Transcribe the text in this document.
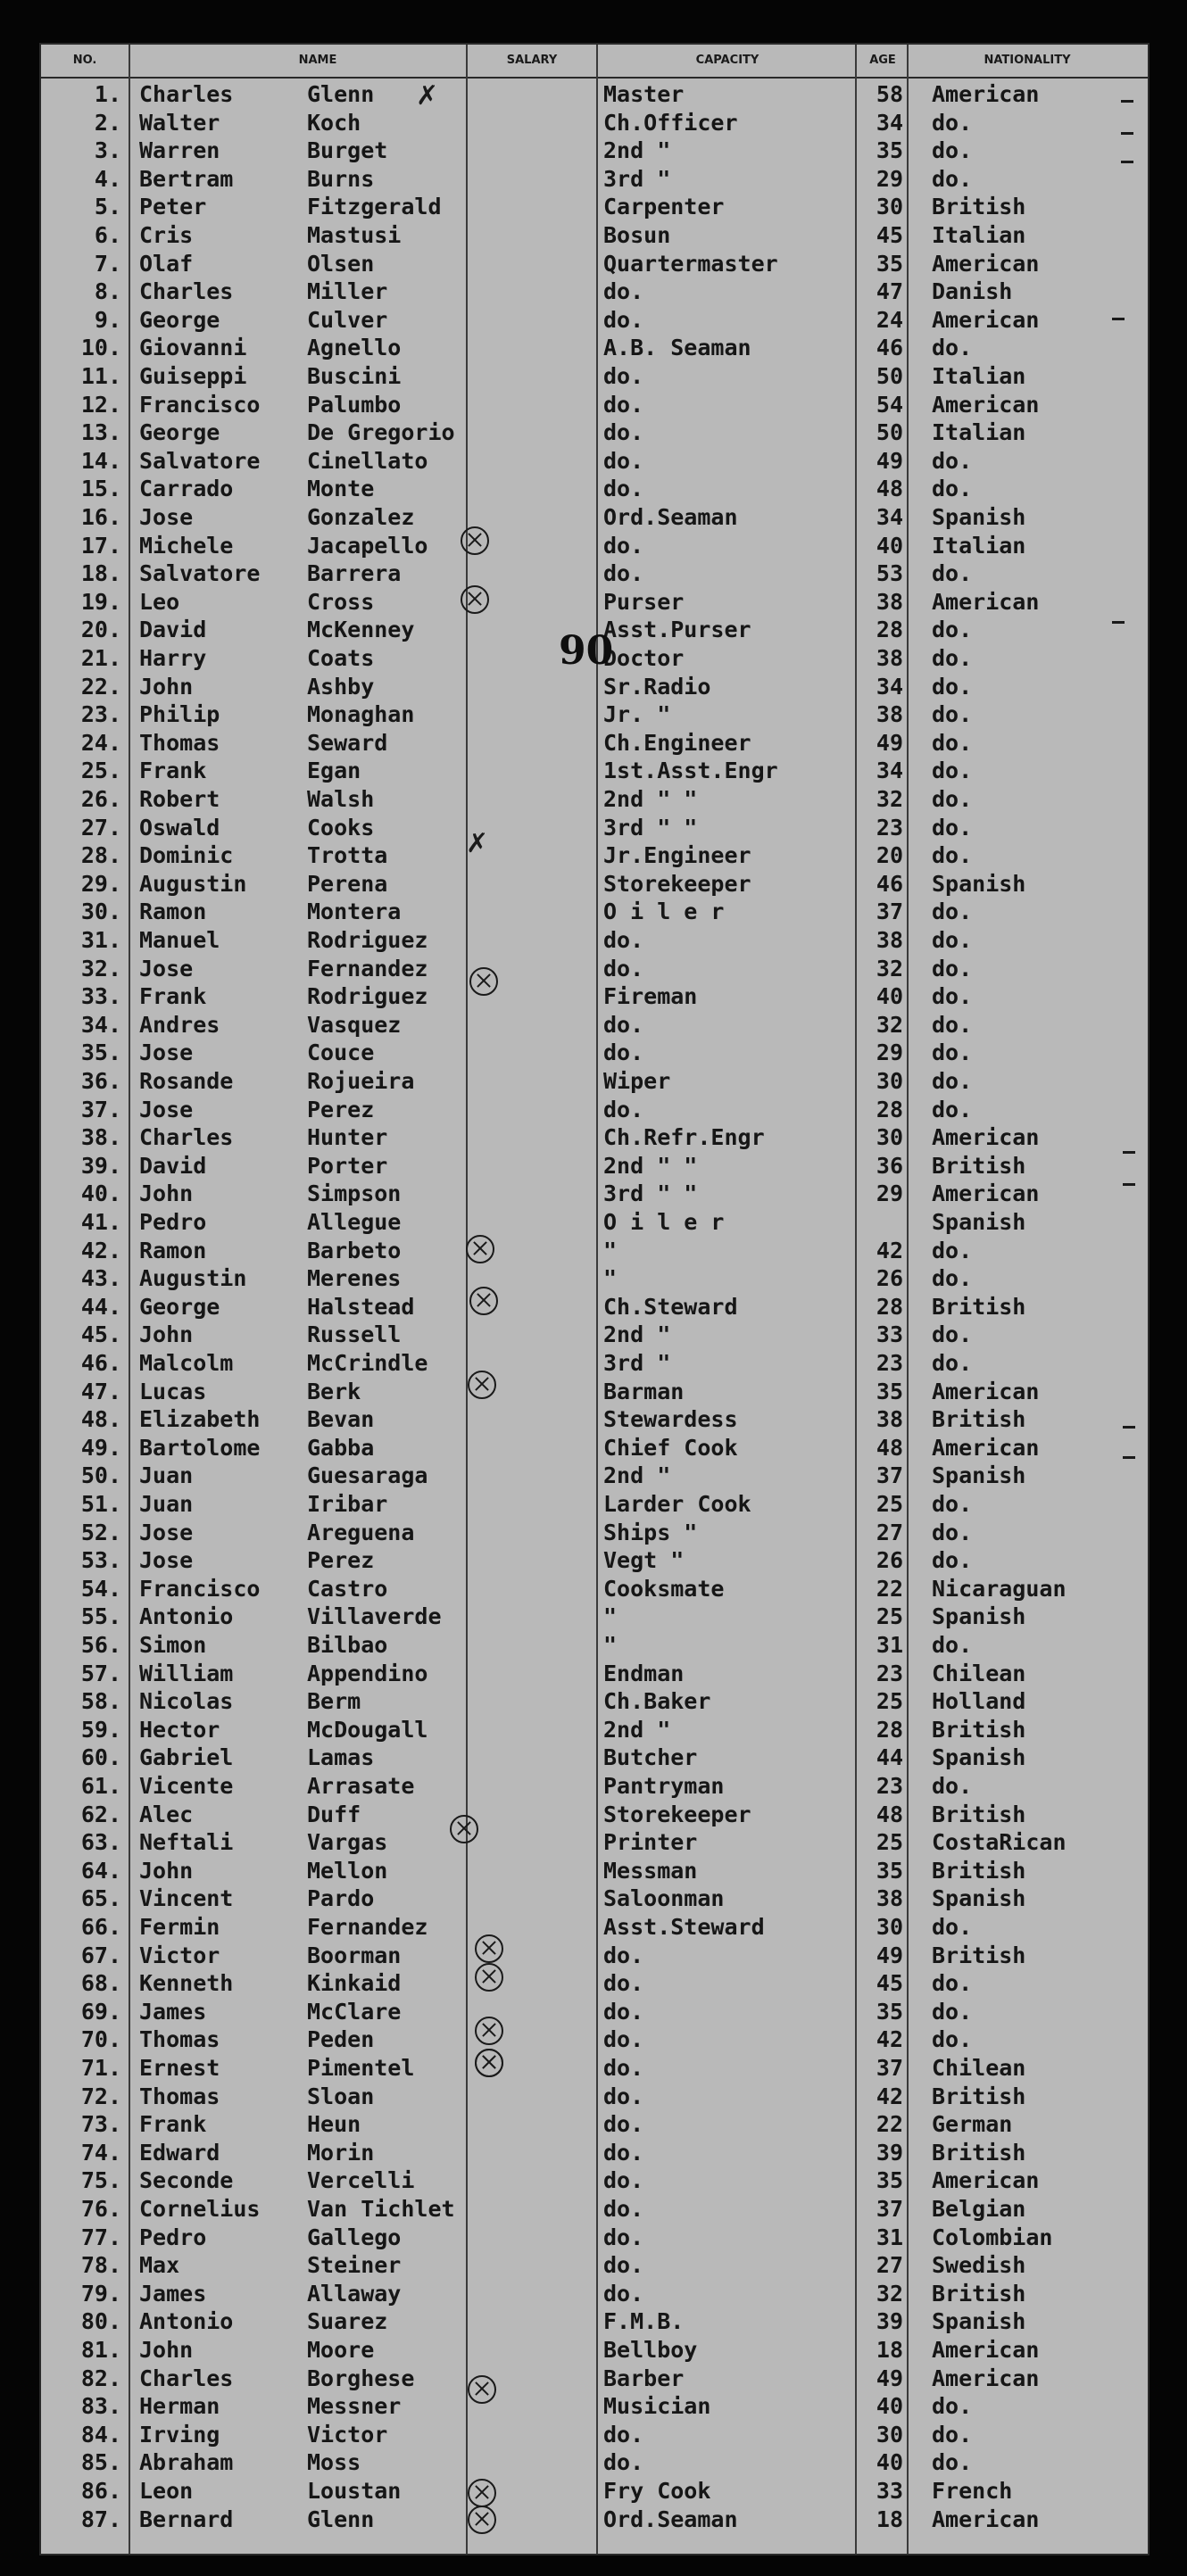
NO.	NAME	SALARY	CAPACITY	AGE	NATIONALITY
1. Charles	Glenn	Master	58 American
2. Walter	Koch	Ch.Officer	34 do.
3. Warren	Burget	2nd "	35 do.
4. Bertram	Burns	3rd "	29 do.
5. Peter	Fitzgerald	Carpenter	30 British
6. Cris	Mastusi	Bosun	45 Italian
7. Olaf	Olsen	Quartermaster	35 American
8. Charles	Miller	do.	47 Danish
9. George	Culver	do.	24 American
10. Giovanni	Agnello	A.B. Seaman	46 do.
11. Guiseppi	Buscini	do.	50 Italian
12. Francisco Palumbo	do.	54 American
13. George	De Gregorio	do.	50 Italian
14. Salvatore Cinellato	do.	49 do.
15. Carrado	Monte	do.	48 do.
16. Jose	Gonzalez	Ord.Seaman	34 Spanish
17. Michele	Jacapello	do.	40 Italian
18. Salvatore Barrera	do.	53 do.
19. Leo	Cross	Purser	38 American
20. David	McKenney	Asst.Purser	28 do.
21. Harry	Coats	Doctor	38 do.
22. John	Ashby	Sr.Radio	34 do.
23. Philip	Monaghan	Jr. "	38 do.
24. Thomas	Seward	Ch.Engineer	49 do.
25. Frank	Egan	1st.Asst.Engr	34 do.
26. Robert	Walsh	2nd " "	32 do.
27. Oswald	Cooks	3rd " "	23 do.
28. Dominic	Trotta	Jr.Engineer	20 do.
29. Augustin	Perena	Storekeeper	46 Spanish
30. Ramon	Montera	O i l e r	37 do.
31. Manuel	Rodriguez	do.	38 do.
32. Jose	Fernandez	do.	32 do.
33. Frank	Rodriguez	Fireman	40 do.
34. Andres	Vasquez	do.	32 do.
35. Jose	Couce	do.	29 do.
36. Rosande	Rojueira	Wiper	30 do.
37. Jose	Perez	do.	28 do.
38. Charles	Hunter	Ch.Refr.Engr	30 American
39. David	Porter	2nd " "	36 British
40. John	Simpson	3rd " "	29 American
41. Pedro	Allegue	O i l e r	Spanish
42. Ramon	Barbeto	"	42 do.
43. Augustin	Merenes	"	26 do.
44. George	Halstead	Ch.Steward	28 British
45. John	Russell	2nd "	33 do.
46. Malcolm	McCrindle	3rd "	23 do.
47. Lucas	Berk	Barman	35 American
48. Elizabeth Bevan	Stewardess	38 British
49. Bartolome Gabba	Chief Cook	48 American
50. Juan	Guesaraga	2nd "	37 Spanish
51. Juan	Iribar	Larder Cook	25 do.
52. Jose	Areguena	Ships "	27 do.
53. Jose	Perez	Vegt "	26 do.
54. Francisco Castro	Cooksmate	22 Nicaraguan
55. Antonio	Villaverde	"	25 Spanish
56. Simon	Bilbao	"	31 do.
57. William	Appendino	Endman	23 Chilean
58. Nicolas	Berm	Ch.Baker	25 Holland
59. Hector	McDougall	2nd "	28 British
60. Gabriel	Lamas	Butcher	44 Spanish
61. Vicente	Arrasate	Pantryman	23 do.
62. Alec	Duff	Storekeeper	48 British
63. Neftali	Vargas	Printer	25 CostaRican
64. John	Mellon	Messman	35 British
65. Vincent	Pardo	Saloonman	38 Spanish
66. Fermin	Fernandez	Asst.Steward	30 do.
67. Victor	Boorman	do.	49 British
68. Kenneth	Kinkaid	do.	45 do.
69. James	McClare	do.	35 do.
70. Thomas	Peden	do.	42 do.
71. Ernest	Pimentel	do.	37 Chilean
72. Thomas	Sloan	do.	42 British
73. Frank	Heun	do.	22 German
74. Edward	Morin	do.	39 British
75. Seconde	Vercelli	do.	35 American
76. Cornelius Van Tichlet	do.	37 Belgian
77. Pedro	Gallego	do.	31 Colombian
78. Max	Steiner	do.	27 Swedish
79. James	Allaway	do.	32 British
80. Antonio	Suarez	F.M.B.	39 Spanish
81. John	Moore	Bellboy	18 American
82. Charles	Borghese	Barber	49 American
83. Herman	Messner	Musician	40 do.
84. Irving	Victor	do.	30 do.
85. Abraham	Moss	do.	40 do.
86. Leon	Loustan	Fry Cook	33 French
87. Bernard	Glenn	Ord.Seaman	18 American
90
✗
✗
